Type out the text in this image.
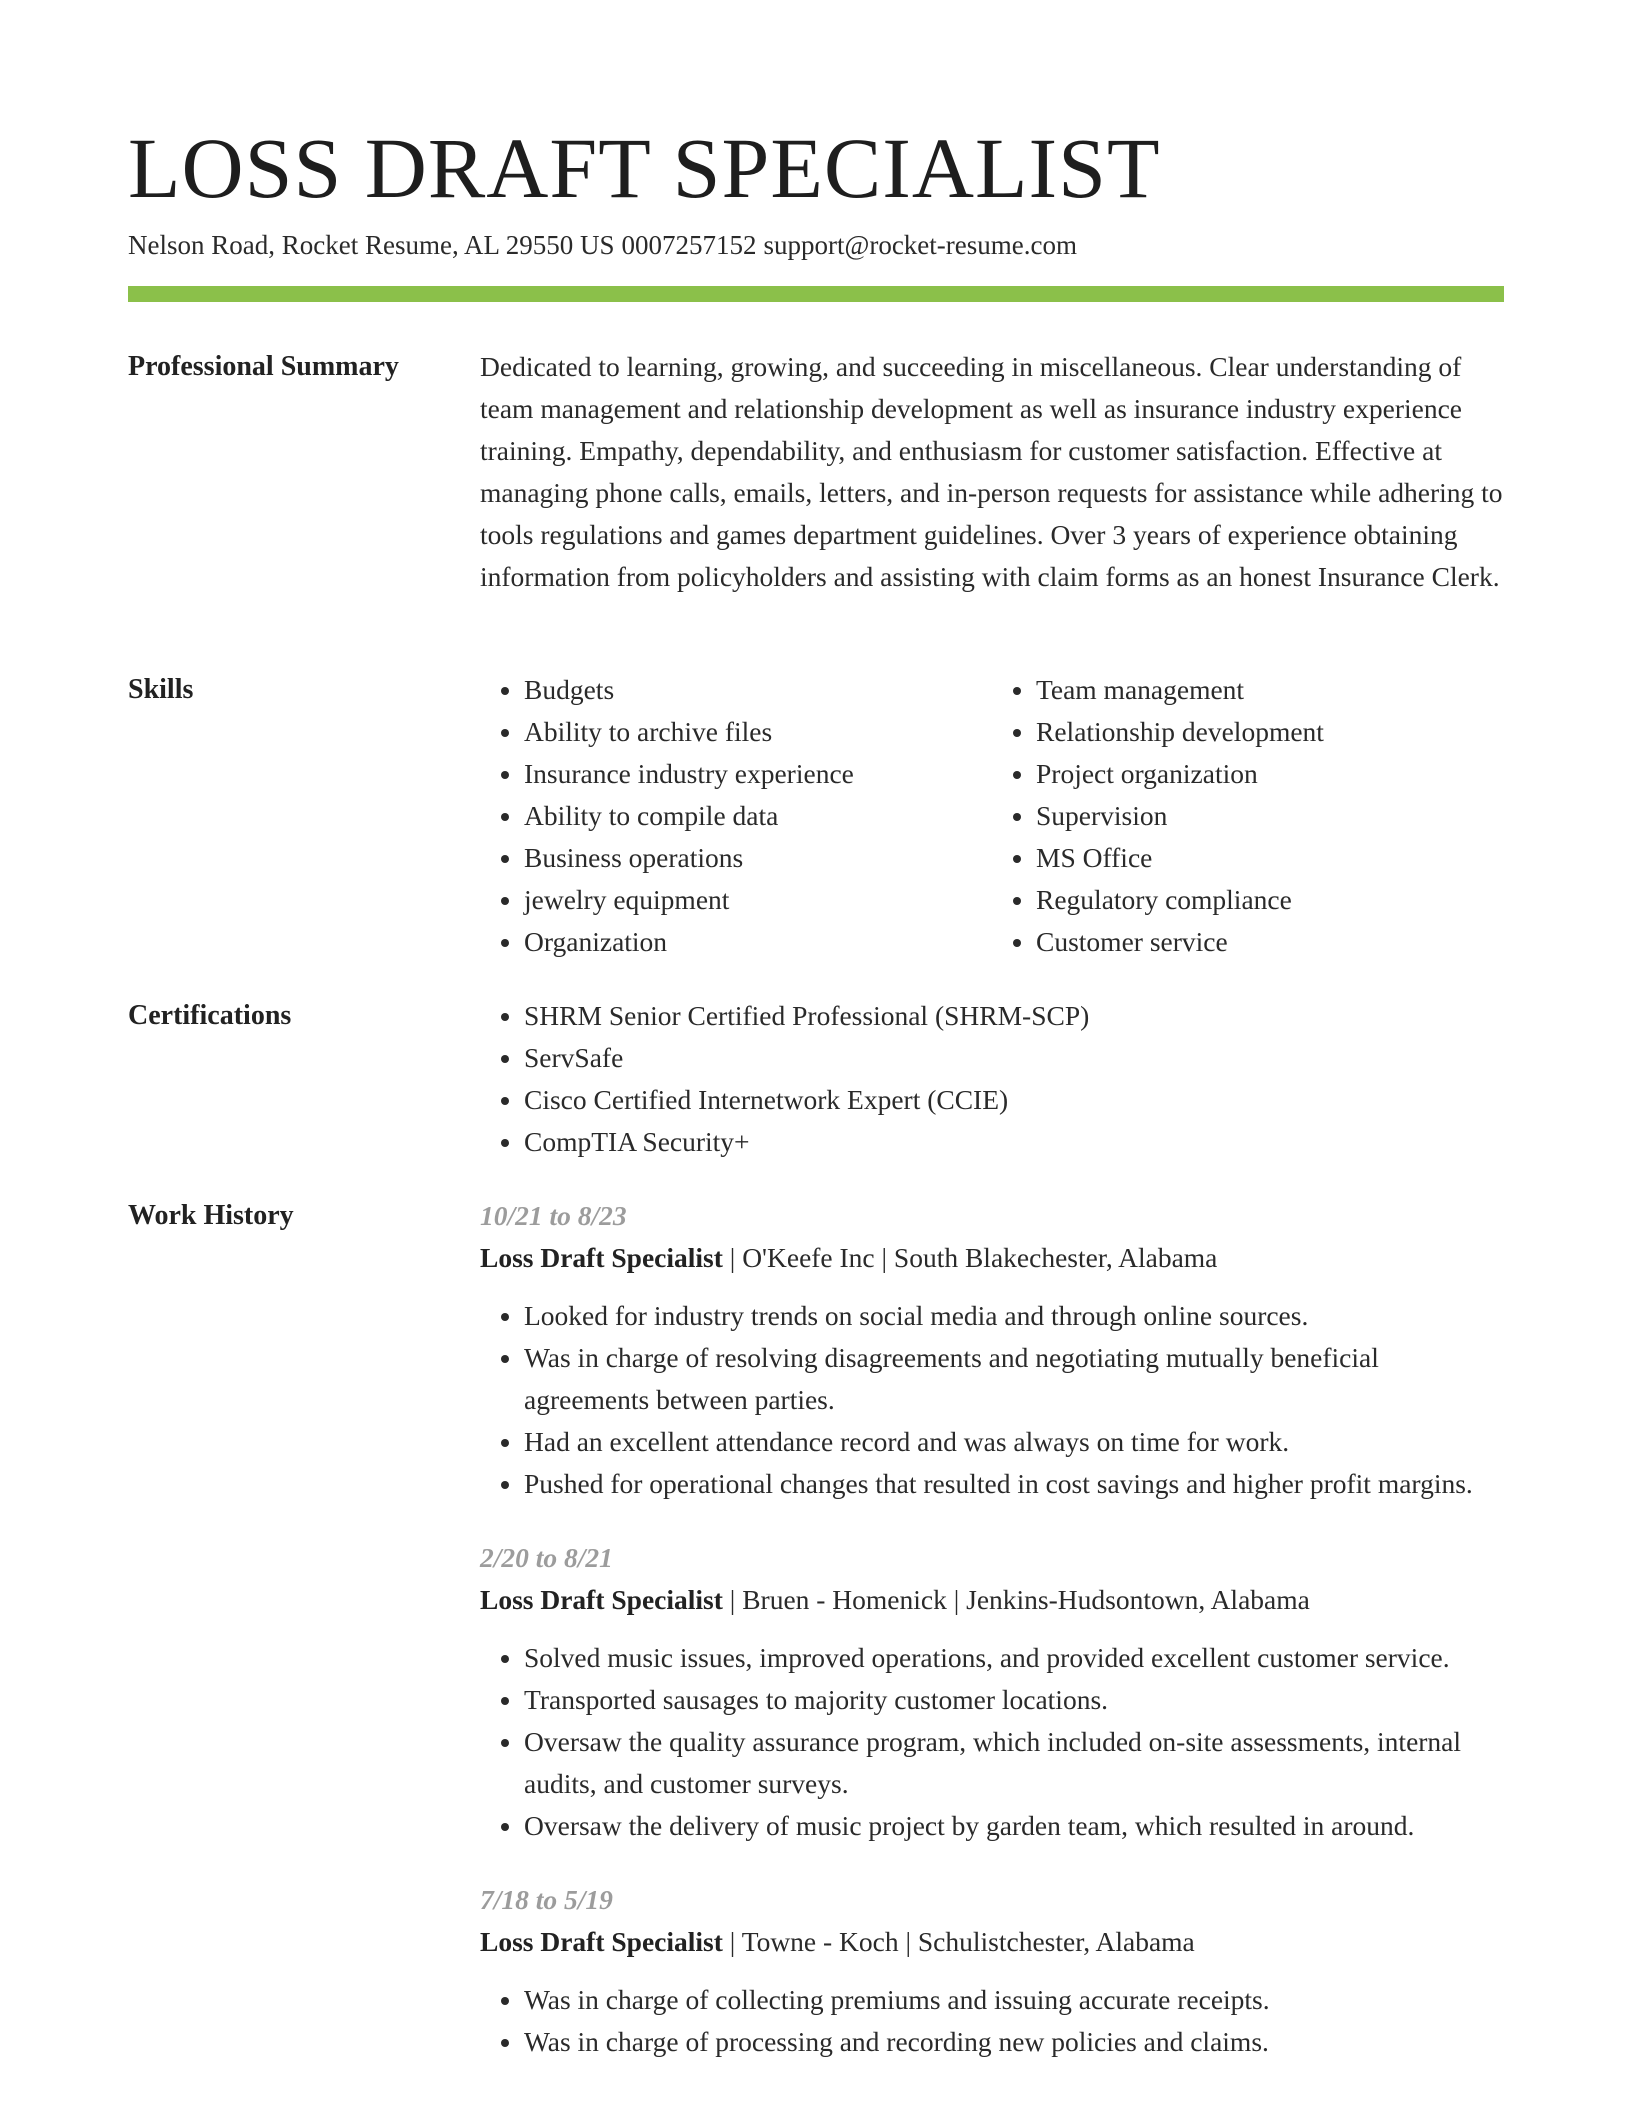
LOSS DRAFT SPECIALIST
Nelson Road, Rocket Resume, AL 29550 US 0007257152 support@rocket-resume.com
Professional Summary	Dedicated to learning, growing, and succeeding in miscellaneous. Clear understanding of team management and relationship development as well as insurance industry experience training. Empathy, dependability, and enthusiasm for customer satisfaction. Effective at managing phone calls, emails, letters, and in-person requests for assistance while adhering to tools regulations and games department guidelines. Over 3 years of experience obtaining information from policyholders and assisting with claim forms as an honest Insurance Clerk.

Skills	• Budgets
• Ability to archive files
• Insurance industry experience
• Ability to compile data
• Business operations
• jewelry equipment
• Organization
• Team management
• Relationship development
• Project organization
• Supervision
• MS Office
• Regulatory compliance
• Customer service
Certifications	• SHRM Senior Certified Professional (SHRM-SCP)
• ServSafe
• Cisco Certified Internetwork Expert (CCIE)
• CompTIA Security+
Work History	10/21 to 8/23
Loss Draft Specialist | O'Keefe Inc | South Blakechester, Alabama
• Looked for industry trends on social media and through online sources.
• Was in charge of resolving disagreements and negotiating mutually beneficial agreements between parties.
• Had an excellent attendance record and was always on time for work.
• Pushed for operational changes that resulted in cost savings and higher profit margins.
2/20 to 8/21
Loss Draft Specialist | Bruen - Homenick | Jenkins-Hudsontown, Alabama
• Solved music issues, improved operations, and provided excellent customer service.
• Transported sausages to majority customer locations.
• Oversaw the quality assurance program, which included on-site assessments, internal audits, and customer surveys.
• Oversaw the delivery of music project by garden team, which resulted in around.
7/18 to 5/19
Loss Draft Specialist | Towne - Koch | Schulistchester, Alabama
• Was in charge of collecting premiums and issuing accurate receipts.
• Was in charge of processing and recording new policies and claims.
